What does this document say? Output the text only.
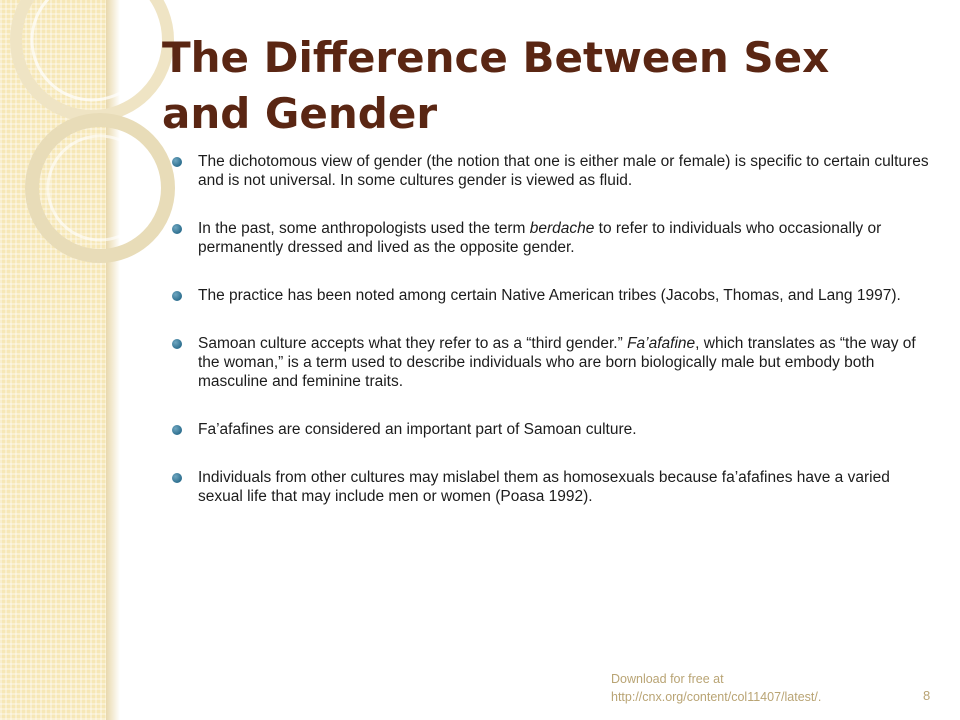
The Difference Between Sex and Gender
The dichotomous view of gender (the notion that one is either male or female) is specific to certain cultures and is not universal. In some cultures gender is viewed as fluid.
In the past, some anthropologists used the term berdache to refer to individuals who occasionally or permanently dressed and lived as the opposite gender.
The practice has been noted among certain Native American tribes (Jacobs, Thomas, and Lang 1997).
Samoan culture accepts what they refer to as a “third gender.” Fa’afafine, which translates as “the way of the woman,” is a term used to describe individuals who are born biologically male but embody both masculine and feminine traits.
Fa’afafines are considered an important part of Samoan culture.
Individuals from other cultures may mislabel them as homosexuals because fa’afafines have a varied sexual life that may include men or women (Poasa 1992).
Download for free at
http://cnx.org/content/col11407/latest/.	8
